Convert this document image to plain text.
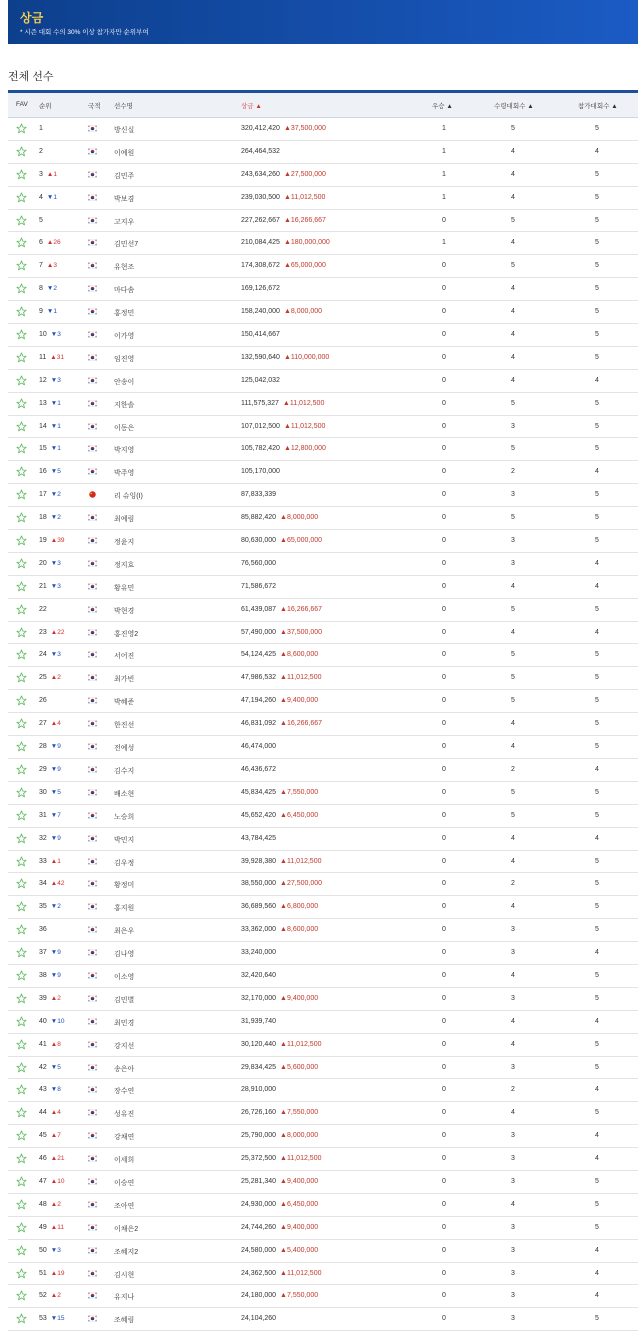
상금
* 시즌 대회 수의 30% 이상 참가자만 순위부여
전체 선수
FAV 순위	국적 선수명	상금 ▲	우승 ▲	수령대회수 ▲	참가대회수 ▲
1	방신실	320,412,420 ▲37,500,000	1	5	5
2	이예원	264,464,532	1	4	4
3 ▲1	김민주	243,634,260 ▲27,500,000	1	4	5
4 ▼1	박보겸	239,030,500 ▲11,012,500	1	4	5
5	고지우	227,262,667 ▲16,266,667	0	5	5
6 ▲26	김민선7	210,084,425 ▲180,000,000	1	4	5
7 ▲3	유현조	174,308,672 ▲65,000,000	0	5	5
8 ▼2	마다솜	169,126,672	0	4	5
9 ▼1	홍정민	158,240,000 ▲8,000,000	0	4	5
10 ▼3	이가영	150,414,667	0	4	5
11 ▲31	임진영	132,590,640 ▲110,000,000	0	4	5
12 ▼3	안송이	125,042,032	0	4	4
13 ▼1	지한솔	111,575,327 ▲11,012,500	0	5	5
14 ▼1	이동은	107,012,500 ▲11,012,500	0	3	5
15 ▼1	박지영	105,782,420 ▲12,800,000	0	5	5
16 ▼5	박주영	105,170,000	0	2	4
17 ▼2	리 슈잉(I)	87,833,339	0	3	5
18 ▼2	최예림	85,882,420 ▲8,000,000	0	5	5
19 ▲39	정윤지	80,630,000 ▲65,000,000	0	3	5
20 ▼3	정지효	76,560,000	0	3	4
21 ▼3	황유민	71,586,672	0	4	4
22	박현경	61,439,087 ▲16,266,667	0	5	5
23 ▲22	홍진영2	57,490,000 ▲37,500,000	0	4	4
24 ▼3	서어진	54,124,425 ▲8,600,000	0	5	5
25 ▲2	최가빈	47,986,532 ▲11,012,500	0	5	5
26	박혜준	47,194,260 ▲9,400,000	0	5	5
27 ▲4	한진선	46,831,092 ▲16,266,667	0	4	5
28 ▼9	전예성	46,474,000	0	4	5
29 ▼9	김수지	46,436,672	0	2	4
30 ▼5	배소현	45,834,425 ▲7,550,000	0	5	5
31 ▼7	노승희	45,652,420 ▲6,450,000	0	5	5
32 ▼9	박민지	43,784,425	0	4	4
33 ▲1	김우정	39,928,380 ▲11,012,500	0	4	5
34 ▲42	황정미	38,550,000 ▲27,500,000	0	2	5
35 ▼2	홍지원	36,689,560 ▲6,800,000	0	4	5
36	최은우	33,362,000 ▲8,600,000	0	3	5
37 ▼9	김나영	33,240,000	0	3	4
38 ▼9	이소영	32,420,640	0	4	5
39 ▲2	김민별	32,170,000 ▲9,400,000	0	3	5
40 ▼10	최민경	31,939,740	0	4	4
41 ▲8	강지선	30,120,440 ▲11,012,500	0	4	5
42 ▼5	송은아	29,834,425 ▲5,600,000	0	3	5
43 ▼8	장수연	28,910,000	0	2	4
44 ▲4	성유진	26,726,160 ▲7,550,000	0	4	5
45 ▲7	강채연	25,790,000 ▲8,000,000	0	3	4
46 ▲21	이세희	25,372,500 ▲11,012,500	0	3	4
47 ▲10	이승연	25,281,340 ▲9,400,000	0	3	5
48 ▲2	조아연	24,930,000 ▲6,450,000	0	4	5
49 ▲11	이채은2	24,744,260 ▲9,400,000	0	3	5
50 ▼3	조혜지2	24,580,000 ▲5,400,000	0	3	4
51 ▲19	김시현	24,362,500 ▲11,012,500	0	3	4
52 ▲2	유지나	24,180,000 ▲7,550,000	0	3	4
53 ▼15	조혜림	24,104,260	0	3	5
